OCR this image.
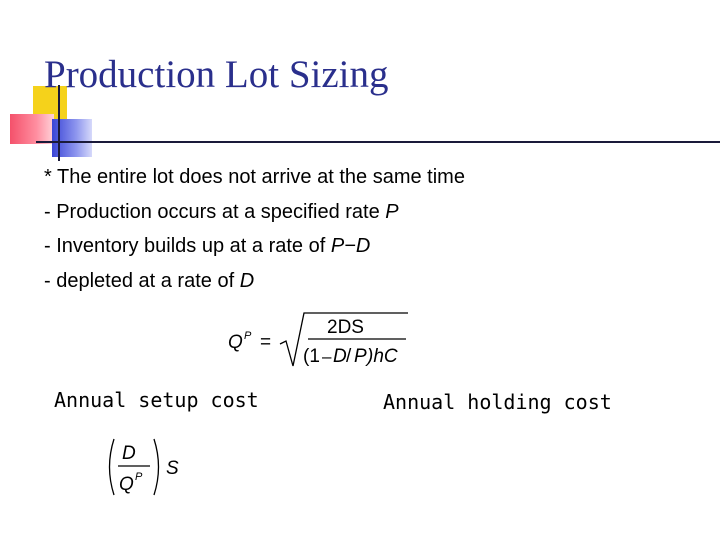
Production Lot Sizing
* The entire lot does not arrive at the same time
- Production occurs at a specified rate P
- Inventory builds up at a rate of P−D
- depleted at a rate of D
Q P =
2DS
(1 – D / P )hC
Annual setup cost	Annual holding cost
D
Q P S
